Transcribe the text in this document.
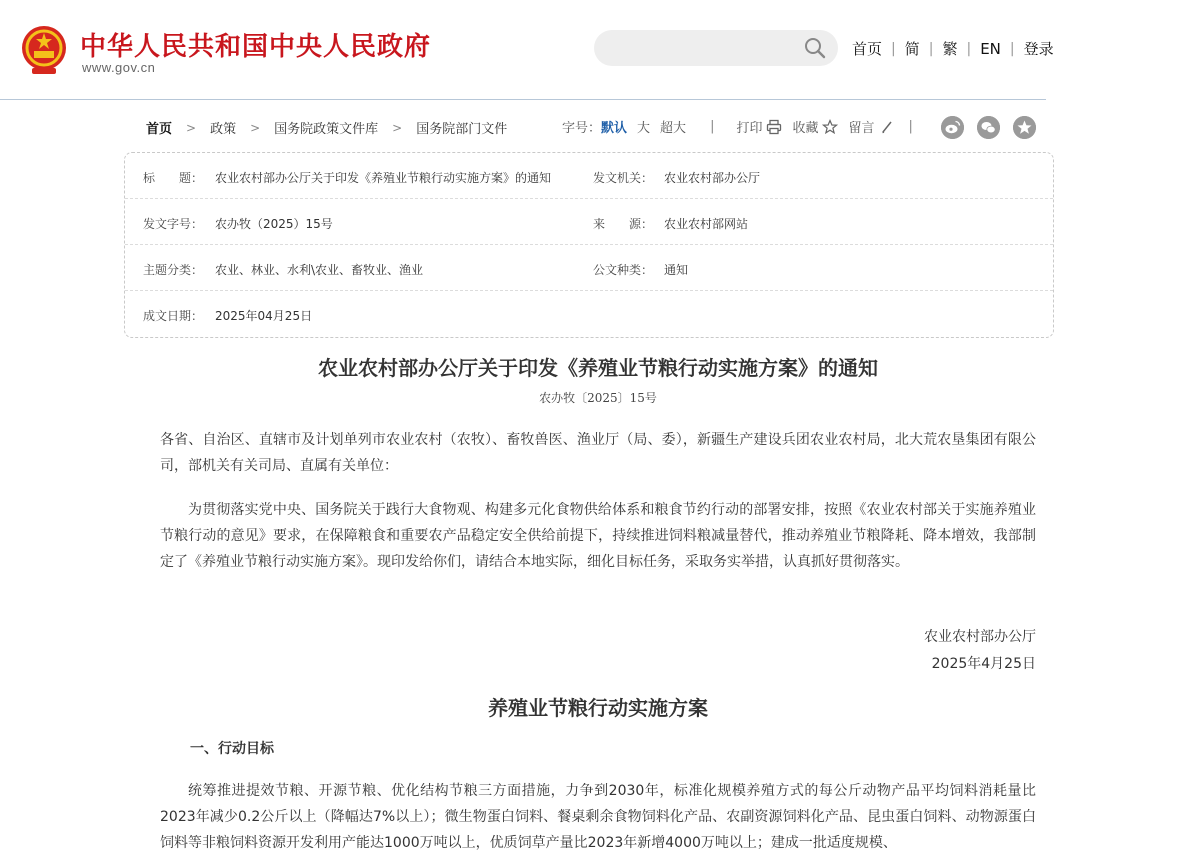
中华人民共和国中央人民政府
www.gov.cn
首页 | 简 | 繁 | EN | 登录
首页 > 政策 > 国务院政策文件库 > 国务院部门文件	字号： 默认 大 超大 | 打印 收藏 留言	|
标　　题： 农业农村部办公厅关于印发《养殖业节粮行动实施方案》的通知	发文机关： 农业农村部办公厅
发文字号： 农办牧（2025）15号	来　　源： 农业农村部网站
主题分类： 农业、林业、水利\农业、畜牧业、渔业	公文种类： 通知
成文日期： 2025年04月25日
农业农村部办公厅关于印发《养殖业节粮行动实施方案》的通知
农办牧〔2025〕15号
各省、自治区、直辖市及计划单列市农业农村（农牧）、畜牧兽医、渔业厅（局、委），新疆生产建设兵团农业农村局，北大荒农垦集团有限公司，部机关有关司局、直属有关单位：
为贯彻落实党中央、国务院关于践行大食物观、构建多元化食物供给体系和粮食节约行动的部署安排，按照《农业农村部关于实施养殖业节粮行动的意见》要求，在保障粮食和重要农产品稳定安全供给前提下，持续推进饲料粮减量替代，推动养殖业节粮降耗、降本增效，我部制定了《养殖业节粮行动实施方案》。现印发给你们，请结合本地实际，细化目标任务，采取务实举措，认真抓好贯彻落实。
农业农村部办公厅
2025年4月25日
养殖业节粮行动实施方案
一、行动目标
统筹推进提效节粮、开源节粮、优化结构节粮三方面措施，力争到2030年，标准化规模养殖方式的每公斤动物产品平均饲料消耗量比2023年减少0.2公斤以上（降幅达7%以上）；微生物蛋白饲料、餐桌剩余食物饲料化产品、农副资源饲料化产品、昆虫蛋白饲料、动物源蛋白饲料等非粮饲料资源开发利用产能达1000万吨以上，优质饲草产量比2023年新增4000万吨以上；建成一批适度规模、
